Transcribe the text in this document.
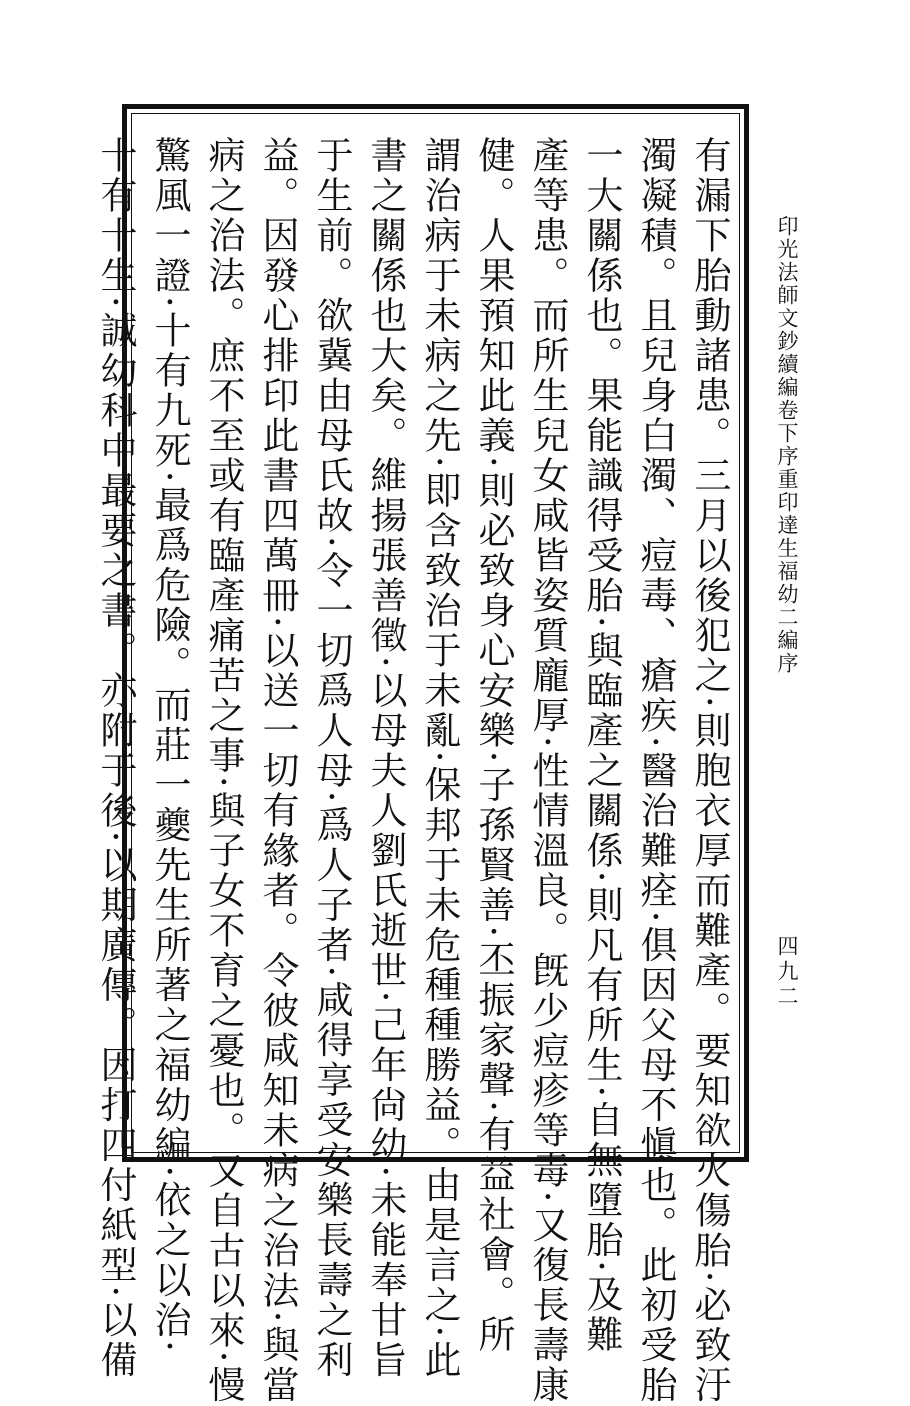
印光法師文鈔續編卷下序重印達生福幼二編序
四九二
有漏下胎動諸患。三月以後犯之·則胞衣厚而難產。要知欲火傷胎·必致汙
濁凝積。且兒身白濁、痘毒、瘡疾·醫治難痊·俱因父母不愼也。此初受胎
一大關係也。果能識得受胎·與臨產之關係·則凡有所生·自無墮胎·及難
產等患。而所生兒女咸皆姿質龐厚·性情溫良。旣少痘疹等毒·又復長壽康
健。人果預知此義·則必致身心安樂·子孫賢善·丕振家聲·有益社會。所
謂治病于未病之先·即含致治于未亂·保邦于未危種種勝益。由是言之·此
書之關係也大矣。維揚張善徵·以母夫人劉氏逝世·己年尙幼·未能奉甘旨
于生前。欲冀由母氏故·令一切爲人母·爲人子者·咸得享受安樂長壽之利
益。因發心排印此書四萬冊·以送一切有緣者。令彼咸知未病之治法·與當
病之治法。庶不至或有臨產痛苦之事·與子女不育之憂也。又自古以來·慢
驚風一證·十有九死·最爲危險。而莊一夔先生所著之福幼編·依之以治·
十有十生·誠幼科中最要之書。亦附于後·以期廣傳。因打四付紙型·以備
